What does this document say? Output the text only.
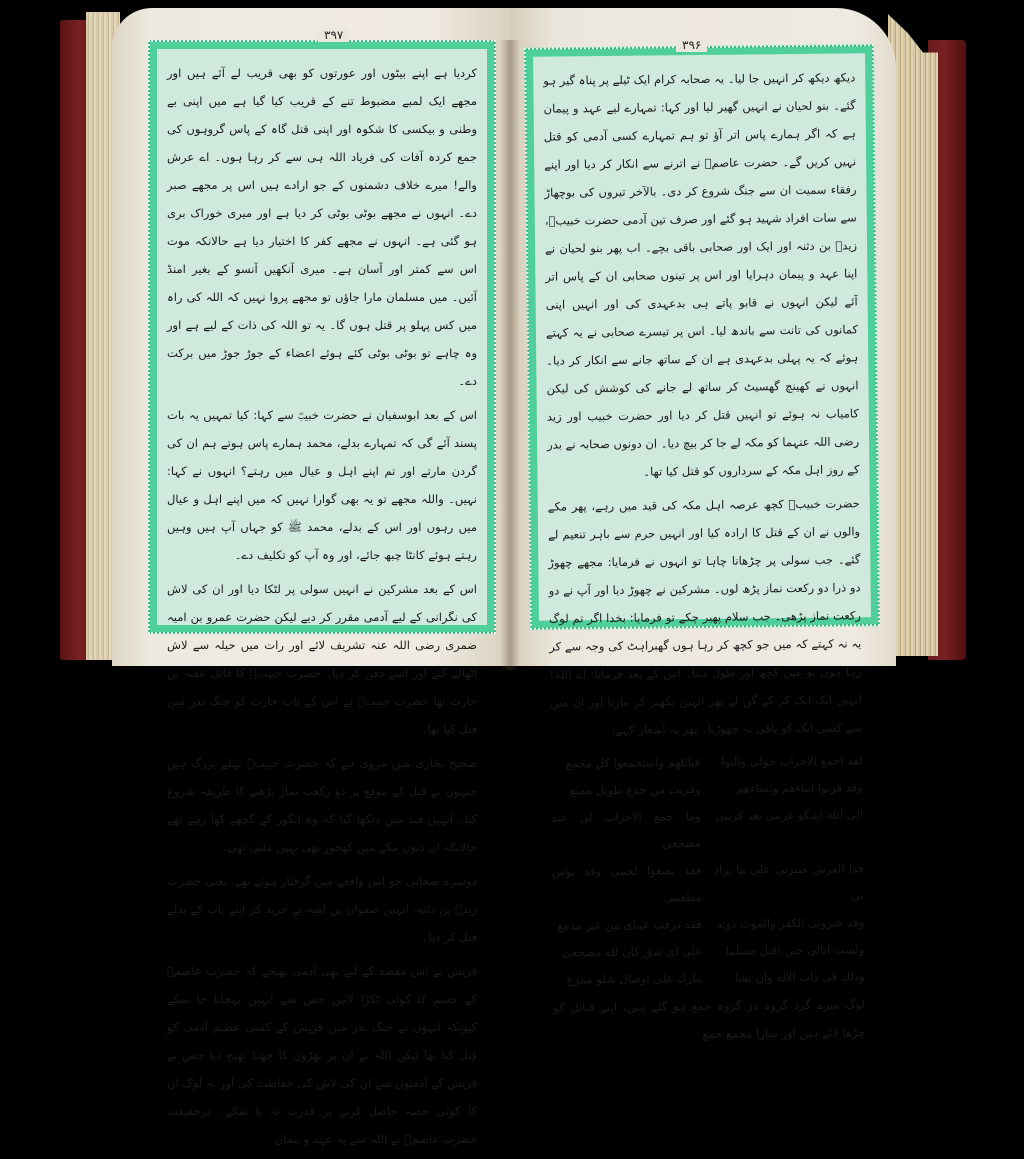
کردیا ہے اپنے بیٹوں اور عورتوں کو بھی قریب لے آئے ہیں اور مجھے ایک لمبے مضبوط تنے کے قریب کیا گیا ہے میں اپنی بے وطنی و بیکسی کا شکوہ اور اپنی قتل گاہ کے پاس گروہوں کی جمع کردہ آفات کی فریاد اللہ ہی سے کر رہا ہوں۔ اے عرش والے! میرے خلاف دشمنوں کے جو ارادے ہیں اس پر مجھے صبر دے۔ انہوں نے مجھے بوٹی بوٹی کر دیا ہے اور میری خوراک بری ہو گئی ہے۔ انہوں نے مجھے کفر کا اختیار دیا ہے حالانکہ موت اس سے کمتر اور آسان ہے۔ میری آنکھیں آنسو کے بغیر امنڈ آئیں۔ میں مسلمان مارا جاؤں تو مجھے پروا نہیں کہ اللہ کی راہ میں کس پہلو پر قتل ہوں گا۔ یہ تو اللہ کی ذات کے لیے ہے اور وہ چاہے تو بوٹی بوٹی کئے ہوئے اعضاء کے جوڑ جوڑ میں برکت دے۔

اس کے بعد ابوسفیان نے حضرت خبیبؓ سے کہا: کیا تمہیں یہ بات پسند آئے گی کہ تمہارے بدلے، محمد ہمارے پاس ہوتے ہم ان کی گردن مارتے اور تم اپنے اہل و عیال میں رہتے؟ انہوں نے کہا: نہیں۔ واللہ مجھے تو یہ بھی گوارا نہیں کہ میں اپنے اہل و عیال میں رہوں اور اس کے بدلے، محمد ﷺ کو جہاں آپ ہیں وہیں رہتے ہوئے کانٹا چبھ جائے، اور وہ آپ کو تکلیف دے۔

اس کے بعد مشرکین نے انہیں سولی پر لٹکا دیا اور ان کی لاش کی نگرانی کے لیے آدمی مقرر کر دیے لیکن حضرت عمرو بن امیہ ضمری رضی اللہ عنہ تشریف لائے اور رات میں حیلہ سے لاش اٹھالے گئے اور اسے دفن کر دیا۔ حضرت خبیبؓ کا قاتل عقبہ بن حارث تھا حضرت خبیبؓ نے اس کے باپ حارث کو جنگ بدر میں قتل کیا تھا۔

صحیح بخاری میں مروی ہے کہ حضرت خبیبؓ پہلے بزرگ ہیں جنہوں نے قتل کے موقع پر دو رکعت نماز پڑھنے کا طریقہ شروع کیا۔ انہیں قید میں دیکھا گیا کہ وہ انگور کے گچھے کھا رہے تھے حالانکہ ان دنوں مکے میں کھجور بھی نہیں ملتی تھی۔

دوسرے صحابی جو اس واقعے میں گرفتار ہوئے تھے، یعنی حضرت زیدؓ بن دثنہ، انہیں صفوان بن امیہ نے خرید کر اپنے باپ کے بدلے قتل کر دیا۔

قریش نے اس مقصد کے لیے بھی آدمی بھیجے کہ حضرت عاصمؓ کے جسم کا کوئی ٹکڑا لائیں جس سے انہیں پہچانا جا سکے کیونکہ انہوں نے جنگ بدر میں قریش کے کسی عظیم آدمی کو قتل کیا تھا لیکن اللہ نے ان پر بھڑوں کا جھنڈ بھیج دیا جس نے قریش کے آدمیوں سے ان کی لاش کی حفاظت کی اور یہ لوگ ان کا کوئی حصہ حاصل کرنے پر قدرت نہ پا سکے۔ درحقیقت حضرت عاصمؓ نے اللہ سے یہ عہد و پیمان

۳۹۷

دیکھ دیکھ کر انہیں جا لیا۔ یہ صحابہ کرام ایک ٹیلے پر پناہ گیر ہو گئے۔ بنو لحیان نے انہیں گھیر لیا اور کہا: تمہارے لیے عہد و پیمان ہے کہ اگر ہمارے پاس اتر آؤ تو ہم تمہارے کسی آدمی کو قتل نہیں کریں گے۔ حضرت عاصمؓ نے اترنے سے انکار کر دیا اور اپنے رفقاء سمیت ان سے جنگ شروع کر دی۔ بالآخر تیروں کی بوچھاڑ سے سات افراد شہید ہو گئے اور صرف تین آدمی حضرت خبیبؓ، زیدؓ بن دثنہ اور ایک اور صحابی باقی بچے۔ اب پھر بنو لحیان نے اپنا عہد و پیمان دہرایا اور اس پر تینوں صحابی ان کے پاس اتر آئے لیکن انہوں نے قابو پاتے ہی بدعہدی کی اور انہیں اپنی کمانوں کی تانت سے باندھ لیا۔ اس پر تیسرے صحابی نے یہ کہتے ہوئے کہ یہ پہلی بدعہدی ہے ان کے ساتھ جانے سے انکار کر دیا۔ انہوں نے کھینچ گھسیٹ کر ساتھ لے جانے کی کوشش کی لیکن کامیاب نہ ہوئے تو انہیں قتل کر دیا اور حضرت خبیب اور زید رضی اللہ عنہما کو مکہ لے جا کر بیچ دیا۔ ان دونوں صحابہ نے بدر کے روز اہل مکہ کے سرداروں کو قتل کیا تھا۔

حضرت خبیبؓ کچھ عرصہ اہل مکہ کی قید میں رہے، پھر مکے والوں نے ان کے قتل کا ارادہ کیا اور انہیں حرم سے باہر تنعیم لے گئے۔ جب سولی پر چڑھانا چاہا تو انہوں نے فرمایا: مجھے چھوڑ دو ذرا دو رکعت نماز پڑھ لوں۔ مشرکین نے چھوڑ دیا اور آپ نے دو رکعت نماز پڑھی۔ جب سلام پھیر چکے تو فرمایا: بخدا اگر تم لوگ یہ نہ کہتے کہ میں جو کچھ کر رہا ہوں گھبراہٹ کی وجہ سے کر رہا ہوں تو میں کچھ اور طول دیتا۔ اس کے بعد فرمایا: اے اللہ! انہیں ایک ایک کر کے گن لے پھر انہیں بکھیر کر مارنا اور ان میں سے کسی ایک کو باقی نہ چھوڑنا۔ پھر یہ اشعار کہے:

لقد اجمع الاحزاب حولی والبوا
قبائلهم واستجمعوا كل مجمع
وقد قربوا ابناءهم ونساءهم
وقربت من جذع طويل ممنع
الی الله اشكو غربتی بعد كربتی
وما جمع الاحزاب لی عند مضجعی
فذا العرش صبرنی علی ما يراد بی
فقد بضعوا لحمی وقد بؤس مطعمی
وقد خيرونی الكفر والموت دونه
فقد ذرفت عيناى من غير مدمع
ولست ابالی حين اقتل مسلما
علی ای شق كان لله مضجعی
وذلك فی ذات الاله وان يشا
يبارك علی اوصال شلو ممزع

لوگ میرے گرد گروہ در گروہ جمع ہو گئے ہیں، اپنے قبائل کو چڑھا لائے ہیں اور سارا مجمع جمع

۳۹۶
